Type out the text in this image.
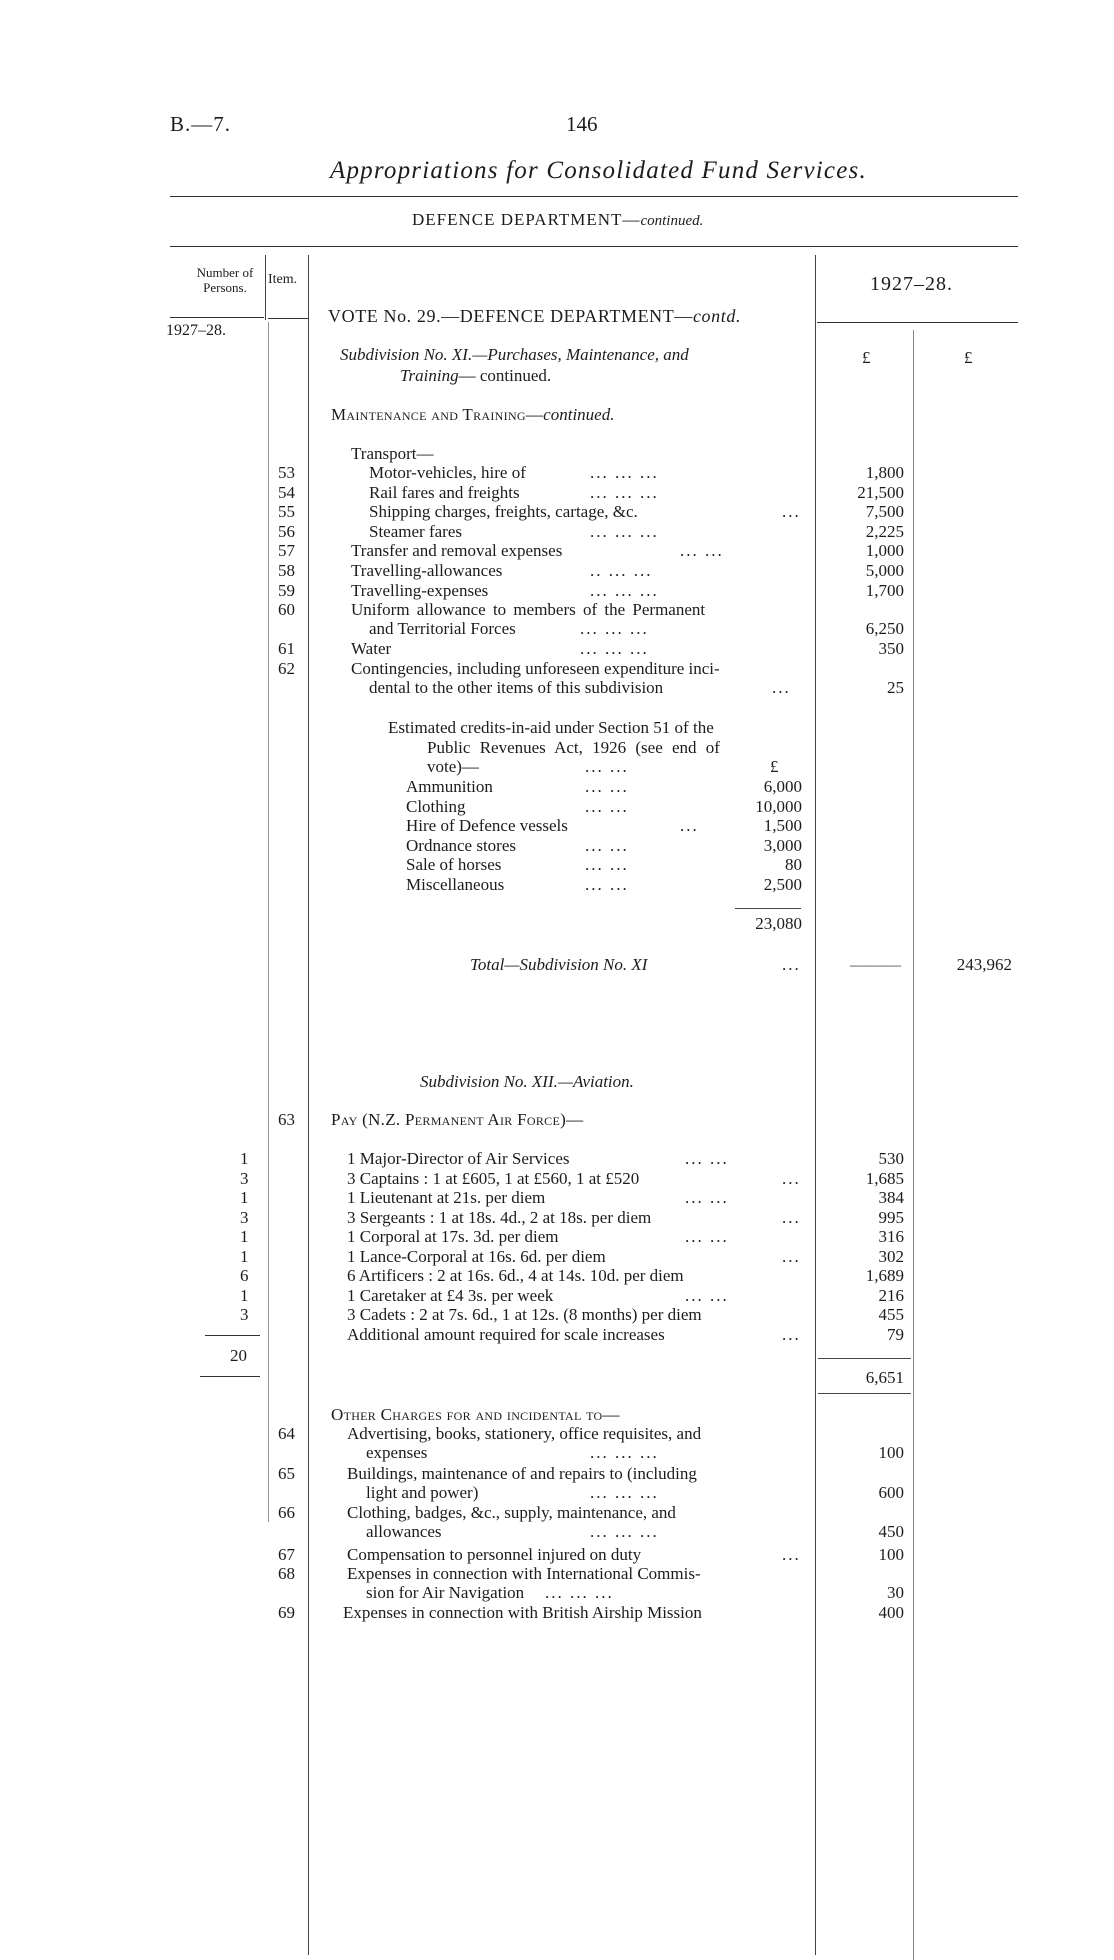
B.—7.	146
Appropriations for Consolidated Fund Services.
DEFENCE DEPARTMENT—continued.
Number of Persons.
Item.	1927–28.
1927–28.
VOTE No. 29.—DEFENCE DEPARTMENT—contd.
£	£
Subdivision No. XI.—Purchases, Maintenance, and
Training— continued.
Maintenance and Training—continued.
Transport—
53	Motor-vehicles, hire of	... ... ...	1,800
54	Rail fares and freights	... ... ...	21,500
55	Shipping charges, freights, cartage, &c.	...	7,500
56	Steamer fares	... ... ...	2,225
57	Transfer and removal expenses	... ...	1,000
58	Travelling-allowances	.. ... ...	5,000
59	Travelling-expenses	... ... ...	1,700
60	Uniform allowance to members of the Permanent
and Territorial Forces	... ... ...	6,250
61	Water	... ... ...	350
62	Contingencies, including unforeseen expenditure inci-
dental to the other items of this subdivision	...	25
Estimated credits-in-aid under Section 51 of the
Public Revenues Act, 1926 (see end of
vote)—	... ...	£
Ammunition	... ...	6,000
Clothing	... ...	10,000
Hire of Defence vessels	...	1,500
Ordnance stores	... ...	3,000
Sale of horses	... ...	80
Miscellaneous	... ...	2,500
23,080
Total—Subdivision No. XI	...	———	243,962
Subdivision No. XII.—Aviation.
63 Pay (N.Z. Permanent Air Force)—
1	1 Major-Director of Air Services	... ...	530
3	3 Captains : 1 at £605, 1 at £560, 1 at £520	...	1,685
1	1 Lieutenant at 21s. per diem	... ...	384
3	3 Sergeants : 1 at 18s. 4d., 2 at 18s. per diem	...	995
1	1 Corporal at 17s. 3d. per diem	... ...	316
1	1 Lance-Corporal at 16s. 6d. per diem	...	302
6	6 Artificers : 2 at 16s. 6d., 4 at 14s. 10d. per diem	1,689
1	1 Caretaker at £4 3s. per week	... ...	216
3	3 Cadets : 2 at 7s. 6d., 1 at 12s. (8 months) per diem	455
Additional amount required for scale increases	...	79
20
6,651
Other Charges for and incidental to—
64	Advertising, books, stationery, office requisites, and
expenses	... ... ...	100
65	Buildings, maintenance of and repairs to (including
light and power)	... ... ...	600
66	Clothing, badges, &c., supply, maintenance, and
allowances	... ... ...	450
67	Compensation to personnel injured on duty	...	100
68	Expenses in connection with International Commis-
sion for Air Navigation ... ... ...	30
69	Expenses in connection with British Airship Mission	400
